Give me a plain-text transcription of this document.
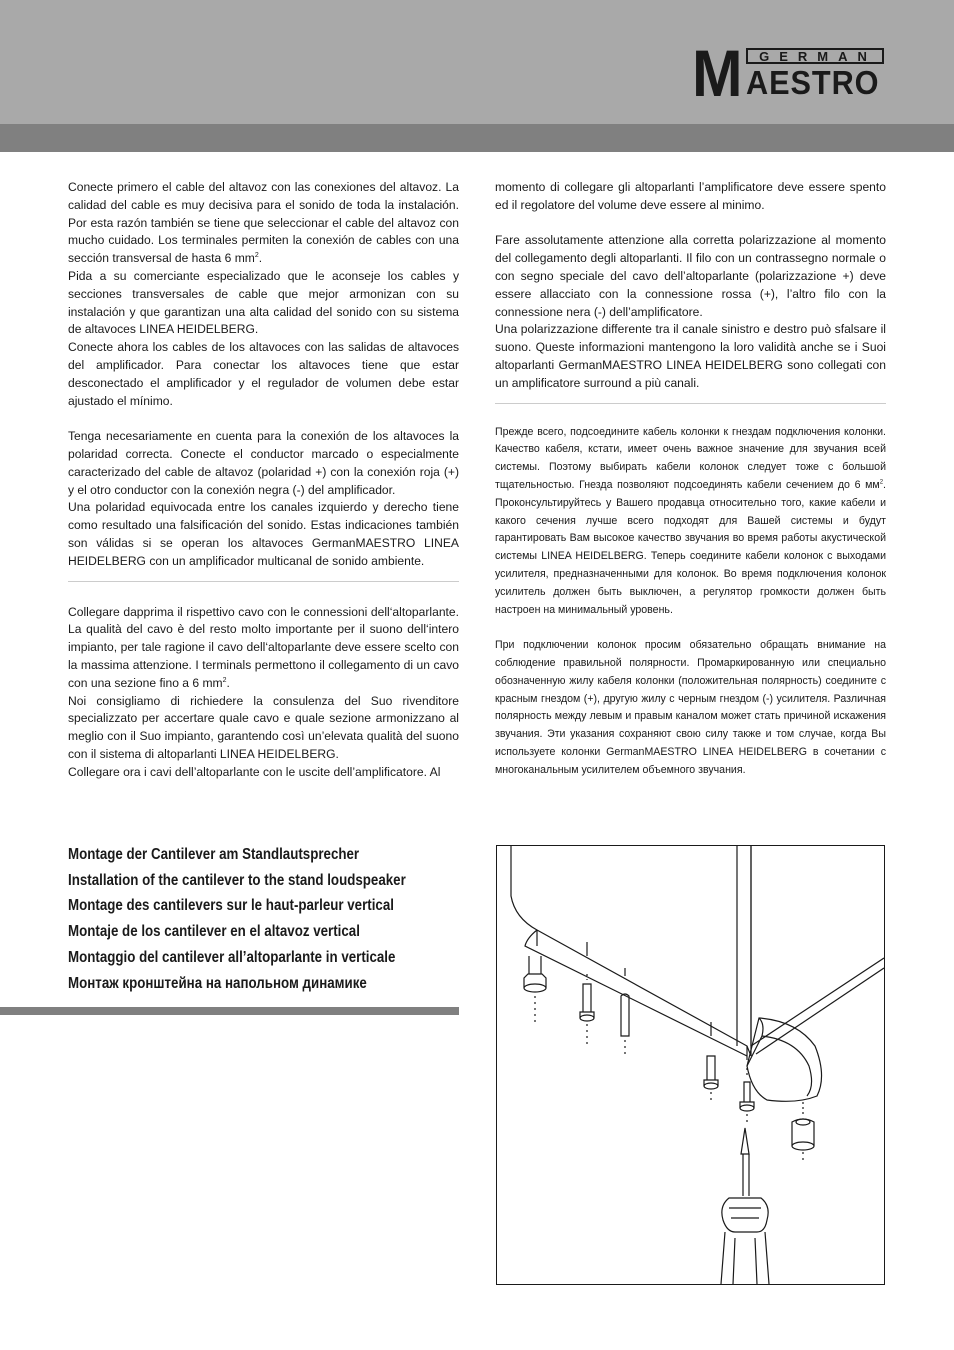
M	GERMAN
AESTRO

Conecte primero el cable del altavoz con las conexiones del altavoz. La calidad del cable es muy decisiva para el sonido de toda la instalación. Por esta razón también se tiene que seleccionar el cable del altavoz con mucho cuidado. Los terminales permiten la conexión de cables con una sección transversal de hasta 6 $mm^2$.

Pida a su comerciante especializado que le aconseje los cables y secciones transversales de cable que mejor armonizan con su instalación y que garantizan una alta calidad del sonido con su sistema de altavoces LINEA HEIDELBERG.

Conecte ahora los cables de los altavoces con las salidas de altavoces del amplificador. Para conectar los altavoces tiene que estar desconectado el amplificador y el regulador de volumen debe estar ajustado el mínimo.

Tenga necesariamente en cuenta para la conexión de los altavoces la polaridad correcta. Conecte el conductor marcado o especialmente caracterizado del cable de altavoz (polaridad +) con la conexión roja (+) y el otro conductor con la conexión negra (-) del amplificador.

Una polaridad equivocada entre los canales izquierdo y derecho tiene como resultado una falsificación del sonido. Estas indicaciones también son válidas si se operan los altavoces GermanMAESTRO LINEA HEIDELBERG con un amplificador multicanal de sonido ambiente.

Collegare dapprima il rispettivo cavo con le connessioni dell‘altoparlante. La qualità del cavo è del resto molto importante per il suono dell‘intero impianto, per tale ragione il cavo dell‘altoparlante deve essere scelto con la massima attenzione. I terminals permettono il collegamento di un cavo con una sezione fino a 6 $mm^2$.

Noi consigliamo di richiedere la consulenza del Suo rivenditore specializzato per accertare quale cavo e quale sezione armonizzano al meglio con il Suo impianto, garantendo così un’elevata qualità del suono con il sistema di altoparlanti LINEA HEIDELBERG.

Collegare ora i cavi dell’altoparlante con le uscite dell’amplificatore. Al

momento di collegare gli altoparlanti l’amplificatore deve essere spento ed il regolatore del volume deve essere al minimo.

Fare assolutamente attenzione alla corretta polarizzazione al momento del collegamento degli altoparlanti. Il filo con un contrassegno normale o con segno speciale del cavo dell’altoparlante (polarizzazione +) deve essere allacciato con la connessione rossa (+), l’altro filo con la connessione nera (-) dell’amplificatore.

Una polarizzazione differente tra il canale sinistro e destro può sfalsare il suono. Queste informazioni mantengono la loro validità anche se i Suoi altoparlanti GermanMAESTRO LINEA HEIDELBERG sono collegati con un amplificatore surround a più canali.

Прежде всего, подсоедините кабель колонки к гнездам подключения колонки. Качество кабеля, кстати, имеет очень важное значение для звучания всей системы. Поэтому выбирать кабели колонок следует тоже с большой тщательностью. Гнезда позволяют подсоединять кабели сечением до 6 $мм^2$. Проконсультируйтесь у Вашего продавца относительно того, какие кабели и какого сечения лучше всего подходят для Вашей системы и будут гарантировать Вам высокое качество звучания во время работы акустической системы LINEA HEIDELBERG. Теперь соедините кабели колонок с выходами усилителя, предназначенными для колонок. Во время подключения колонок усилитель должен быть выключен, а регулятор громкости должен быть настроен на минимальный уровень.

При подключении колонок просим обязательно обращать внимание на соблюдение правильной полярности. Промаркированную или специально обозначенную жилу кабеля колонки (положительная полярность) соедините с красным гнездом (+), другую жилу с черным гнездом (-) усилителя. Различная полярность между левым и правым каналом может стать причиной искажения звучания. Эти указания сохраняют свою силу также и том случае, когда Вы используете колонки GermanMAESTRO LINEA HEIDELBERG в сочетании с многоканальным усилителем объемного звучания.

Montage der Cantilever am Standlautsprecher
Installation of the cantilever to the stand loudspeaker
Montage des cantilevers sur le haut-parleur vertical
Montaje de los cantilever en el altavoz vertical
Montaggio del cantilever all’altoparlante in verticale
Монтаж кронштейна на напольном динамике
